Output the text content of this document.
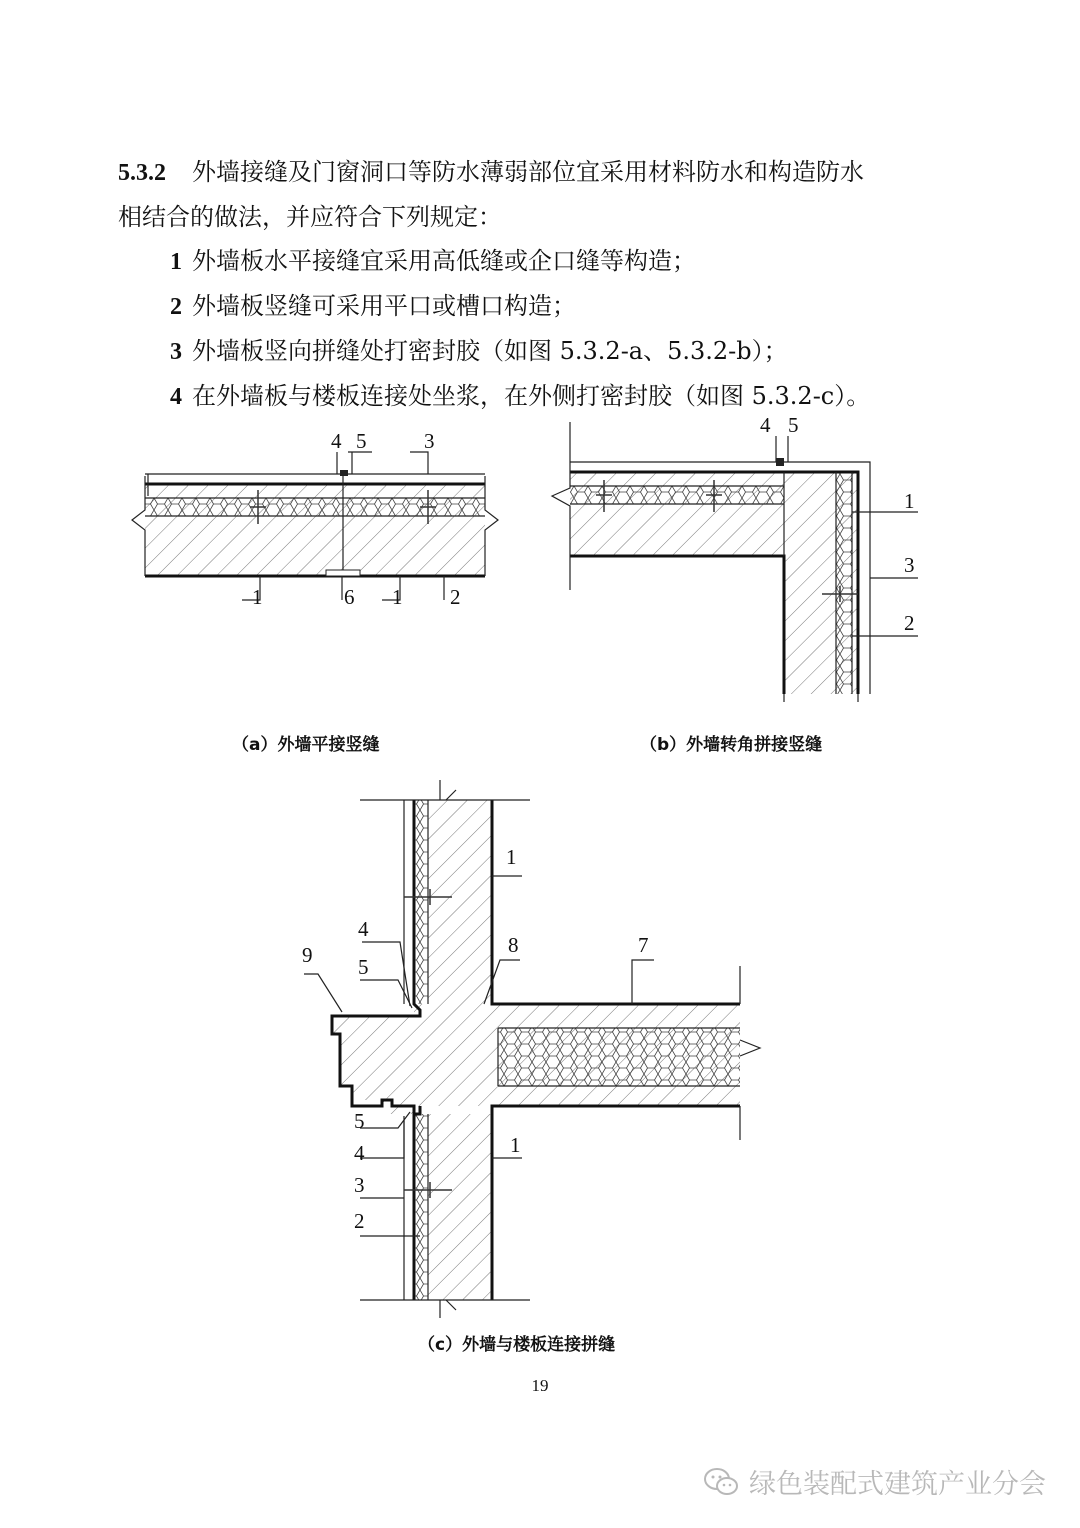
5.3.2 外墙接缝及门窗洞口等防水薄弱部位宜采用材料防水和构造防水
相结合的做法，并应符合下列规定：
1 外墙板水平接缝宜采用高低缝或企口缝等构造；
2 外墙板竖缝可采用平口或槽口构造；
3 外墙板竖向拼缝处打密封胶（如图 5.3.2-a、5.3.2-b）；
4 在外墙板与楼板连接处坐浆，在外侧打密封胶（如图 5.3.2-c）。
4 5	3
1	6 1 2
4 5
1
3
2
1
4
9 5
8	7
5
4
3
2
1
（a）外墙平接竖缝	（b）外墙转角拼接竖缝
（c）外墙与楼板连接拼缝
19
绿色装配式建筑产业分会
